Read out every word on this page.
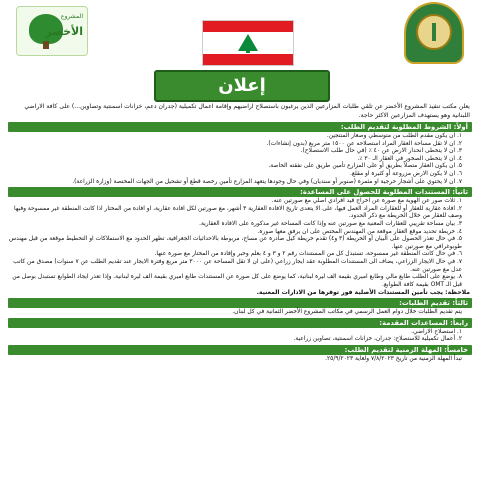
المشروع
الأخضر
إعلان

يعلن مكتب تنفيذ المشروع الأخضر عن تلقي طلبات المزارعين الذين يرغبون باستصلاح اراضيهم وإقامة اعمال تكميلية (جدران دعم، خزانات اسمنتية وتصاوين...) على كافة الاراضي اللبنانية وهو يستهدف المزارعين الاكثر حاجة.

أولاً: الشروط المطلوبة لتقديم الطلب:
١. ان يكون مقدم الطلب من متوسطي وصغار المنتجين.
٢. ان لا تقل مساحة العقار المراد استصلاحه عن ١٥٠٠ متر مربع (بدون إنشاءات).
٣. ان لا يتخطى انحدار الارض عن ٤٠ ٪ (في حال طلب الاستصلاح).
٤. ان لا يتخطى الصخور في العقار الـ ٣٠ ٪.
٥. ان يكون العقار متصلاً بطريق أو على المزارع تأمين طريق على نفقته الخاصة.
٦. ان لا يكون الارض مزروعة أو كثيرة او مقلع.
٧. ان لا يحتوي على أشجار حرجية او مثمرة (صنوبر أو سنديان) وفي حال وجودها يتعهد المزارع تأمين رخصة قطع أو تشحيل من الجهات المختصة (وزارة الزراعة).
ثانياً: المستندات المطلوبة للحصول على المساعدة:
١. ثلاث صور عن الهوية مع صورة عن اخراج قيد افرادي اصلي مع صورتين عنه.
٢. افادة عقارية للعقار أو للعقارات المراد العمل فيها، على الا يتعدى تاريخ الافادة العقارية ٣ أشهر، مع صورتين لكل افادة عقارية، او افادة من المختار اذا كانت المنطقة غير ممسوحة وفيها وصف للعقار من خلال الخريطة مع ذكر الحدود.
٣. بيان مساحة تقريبي للعقارات المعنية مع صورتين عنه وإذا كانت المساحة غير مذكورة على الافادة العقارية.
٤. خريطة تحديد موقع العقار موقعة من المهندس المختص على ان يرفق معها صورة.
٥. في حال تعذر الحصول على البيان أو الخريطة (٣ و٤) تقدم خريطة كيل صادرة عن مساح، مربوطة بالاحداثيات الجغرافية، تظهر الحدود مع الاستملاكات او التخطيط موقعة من قبل مهندس طوبوغرافي مع صورتين عنها.
٦. في حال كانت المنطقة غير ممسوحة، تستبدل كل من المستندات رقم ٢ و ٣ و ٤ بعلم وخبر وإفادة من المختار مع صورة عنها.
٧. في حال الايجار الزراعي، يضاف الى المستندات المطلوبة عقد ايجار زراعي (على ان لا تقل المساحة عن ٣٠٠٠ متر مربع وفترة الايجار عند تقديم الطلب عن ٧ سنوات) مصدق من كاتب عدل مع صورتين عنه.
٨. يوضع على الطلب طابع مالي وطابع اميري بقيمة الف ليرة لبنانية، كما يوضع على كل صورة عن المستندات طابع اميري بقيمة الف ليرة لبنانية. وإذا تعذر ايجاد الطوابع تستبدل بوصل من قبل الـ OMT بقيمة كافة الطوابع.

ملاحظة: يجب تأمين المستندات الأصلية فور توفرها من الادارات المعنية.

ثالثاً: تقديم الطلبات:
يتم تقديم الطلبات خلال دوام العمل الرسمي في مكاتب المشروع الأخضر الثمانية في كل لبنان.
رابعاً: المساعدات المقدمة:
١. استصلاح الاراضي.
٢. أعمال تكميلية للاستصلاح: جدران، خزانات اسمنتية، تصاوين زراعية.
خامساً: المهلة الزمنية لتقديم الطلب:
تبدأ المهلة الزمنية من تاريخ ٧/٨/٢٠٢٣ ولغاية ٢٥/٩/٢٠٢٣.
